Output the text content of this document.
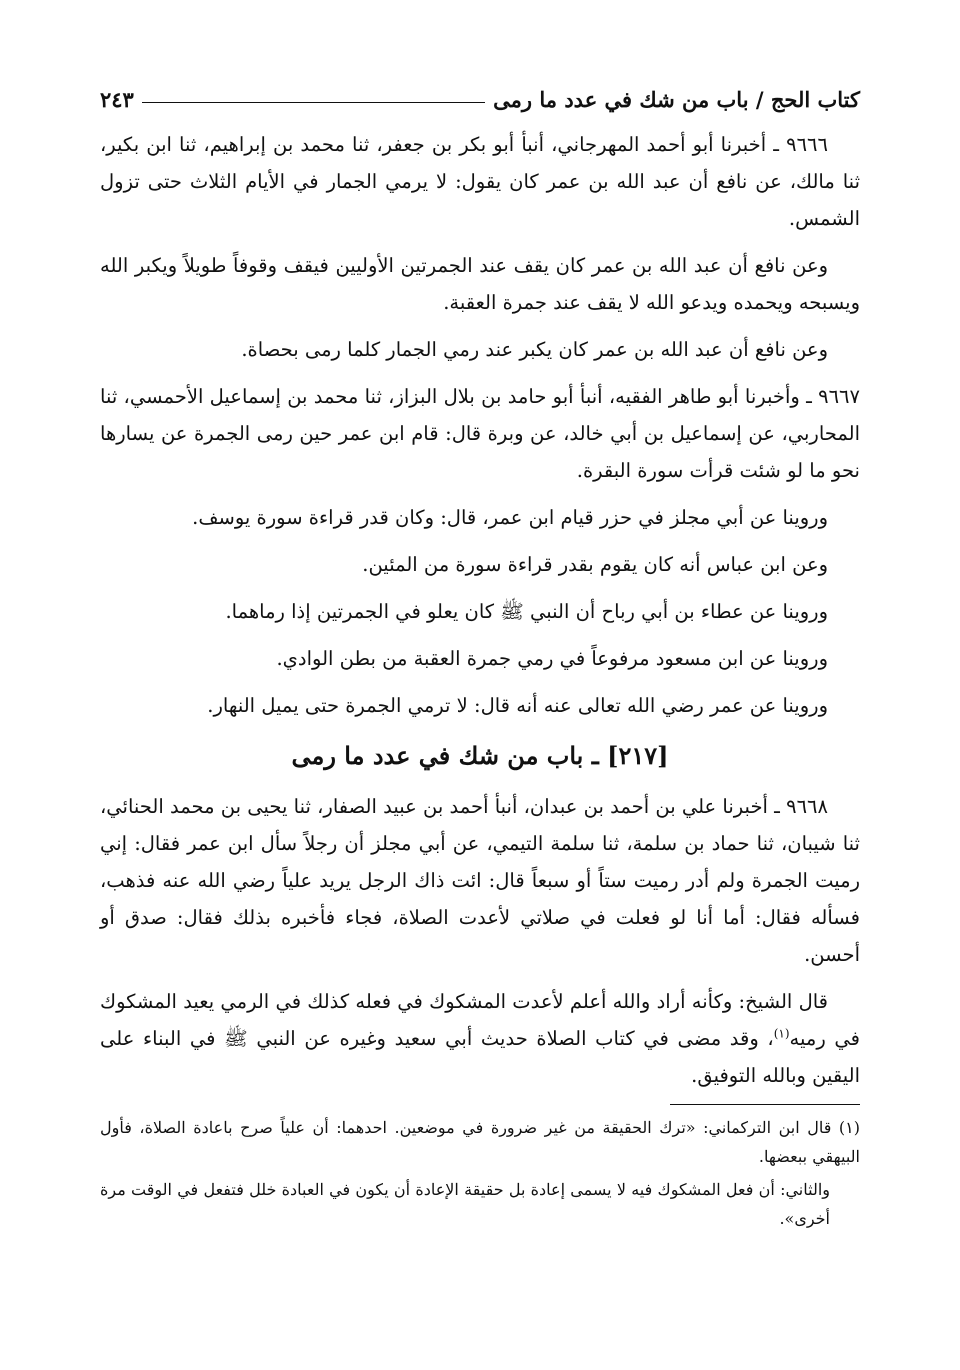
كتاب الحج / باب من شك في عدد ما رمى
٢٤٣

٩٦٦٦ ـ أخبرنا أبو أحمد المهرجاني، أنبأ أبو بكر بن جعفر، ثنا محمد بن إبراهيم، ثنا ابن بكير، ثنا مالك، عن نافع أن عبد الله بن عمر كان يقول: لا يرمي الجمار في الأيام الثلاث حتى تزول الشمس.

وعن نافع أن عبد الله بن عمر كان يقف عند الجمرتين الأوليين فيقف وقوفاً طويلاً ويكبر الله ويسبحه ويحمده ويدعو الله لا يقف عند جمرة العقبة.

وعن نافع أن عبد الله بن عمر كان يكبر عند رمي الجمار كلما رمى بحصاة.

٩٦٦٧ ـ وأخبرنا أبو طاهر الفقيه، أنبأ أبو حامد بن بلال البزاز، ثنا محمد بن إسماعيل الأحمسي، ثنا المحاربي، عن إسماعيل بن أبي خالد، عن وبرة قال: قام ابن عمر حين رمى الجمرة عن يسارها نحو ما لو شئت قرأت سورة البقرة.

وروينا عن أبي مجلز في حزر قيام ابن عمر، قال: وكان قدر قراءة سورة يوسف.

وعن ابن عباس أنه كان يقوم بقدر قراءة سورة من المئين.

وروينا عن عطاء بن أبي رباح أن النبي ﷺ كان يعلو في الجمرتين إذا رماهما.

وروينا عن ابن مسعود مرفوعاً في رمي جمرة العقبة من بطن الوادي.

وروينا عن عمر رضي الله تعالى عنه أنه قال: لا ترمي الجمرة حتى يميل النهار.

[٢١٧] ـ باب من شك في عدد ما رمى

٩٦٦٨ ـ أخبرنا علي بن أحمد بن عبدان، أنبأ أحمد بن عبيد الصفار، ثنا يحيى بن محمد الحنائي، ثنا شيبان، ثنا حماد بن سلمة، ثنا سلمة التيمي، عن أبي مجلز أن رجلاً سأل ابن عمر فقال: إني رميت الجمرة ولم أدر رميت ستاً أو سبعاً قال: ائت ذاك الرجل يريد علياً رضي الله عنه فذهب، فسأله فقال: أما أنا لو فعلت في صلاتي لأعدت الصلاة، فجاء فأخبره بذلك فقال: صدق أو أحسن.

قال الشيخ: وكأنه أراد والله أعلم لأعدت المشكوك في فعله كذلك في الرمي يعيد المشكوك في رميه$^{(١)}$، وقد مضى في كتاب الصلاة حديث أبي سعيد وغيره عن النبي ﷺ في البناء على اليقين وبالله التوفيق.

(١) قال ابن التركماني: «ترك الحقيقة من غير ضرورة في موضعين. احدهما: أن علياً صرح باعادة الصلاة، فأول البيهقي ببعضها.

والثاني: أن فعل المشكوك فيه لا يسمى إعادة بل حقيقة الإعادة أن يكون في العبادة خلل فتفعل في الوقت مرة أخرى».
